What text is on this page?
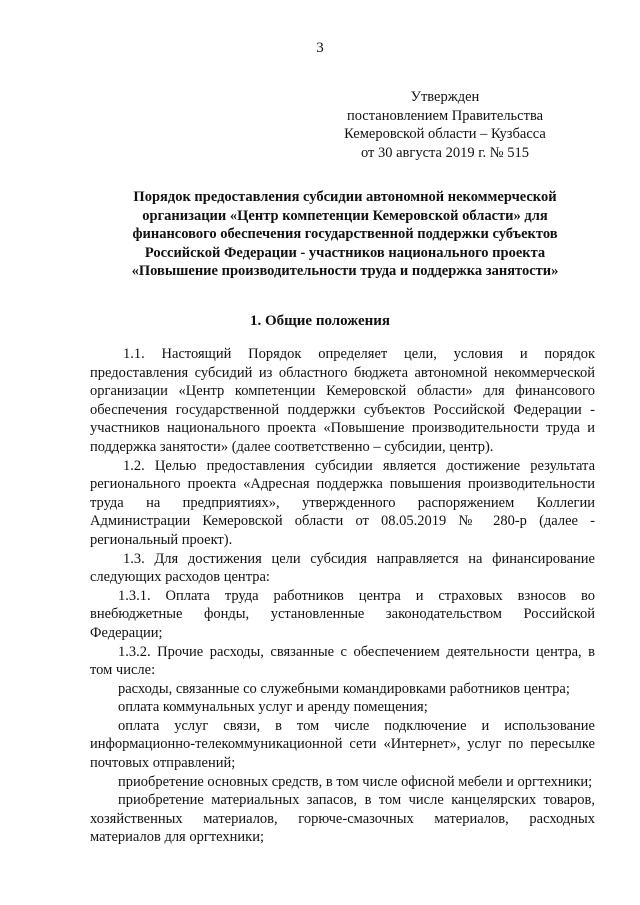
3
Утвержден
постановлением Правительства
Кемеровской области – Кузбасса
от 30 августа 2019 г. № 515
Порядок предоставления субсидии автономной некоммерческой
организации «Центр компетенции Кемеровской области» для
финансового обеспечения государственной поддержки субъектов
Российской Федерации - участников национального проекта
«Повышение производительности труда и поддержка занятости»
1. Общие положения

1.1. Настоящий Порядок определяет цели, условия и порядок предоставления субсидий из областного бюджета автономной некоммерческой организации «Центр компетенции Кемеровской области» для финансового обеспечения государственной поддержки субъектов Российской Федерации - участников национального проекта «Повышение производительности труда и поддержка занятости» (далее соответственно – субсидии, центр).

1.2. Целью предоставления субсидии является достижение результата регионального проекта «Адресная поддержка повышения производительности труда на предприятиях», утвержденного распоряжением Коллегии Администрации Кемеровской области от 08.05.2019 № 280-р (далее - региональный проект).

1.3. Для достижения цели субсидия направляется на финансирование следующих расходов центра:

1.3.1. Оплата труда работников центра и страховых взносов во внебюджетные фонды, установленные законодательством Российской Федерации;

1.3.2. Прочие расходы, связанные с обеспечением деятельности центра, в том числе:

расходы, связанные со служебными командировками работников центра;

оплата коммунальных услуг и аренду помещения;

оплата услуг связи, в том числе подключение и использование информационно-телекоммуникационной сети «Интернет», услуг по пересылке почтовых отправлений;

приобретение основных средств, в том числе офисной мебели и оргтехники;

приобретение материальных запасов, в том числе канцелярских товаров, хозяйственных материалов, горюче-смазочных материалов, расходных материалов для оргтехники;
